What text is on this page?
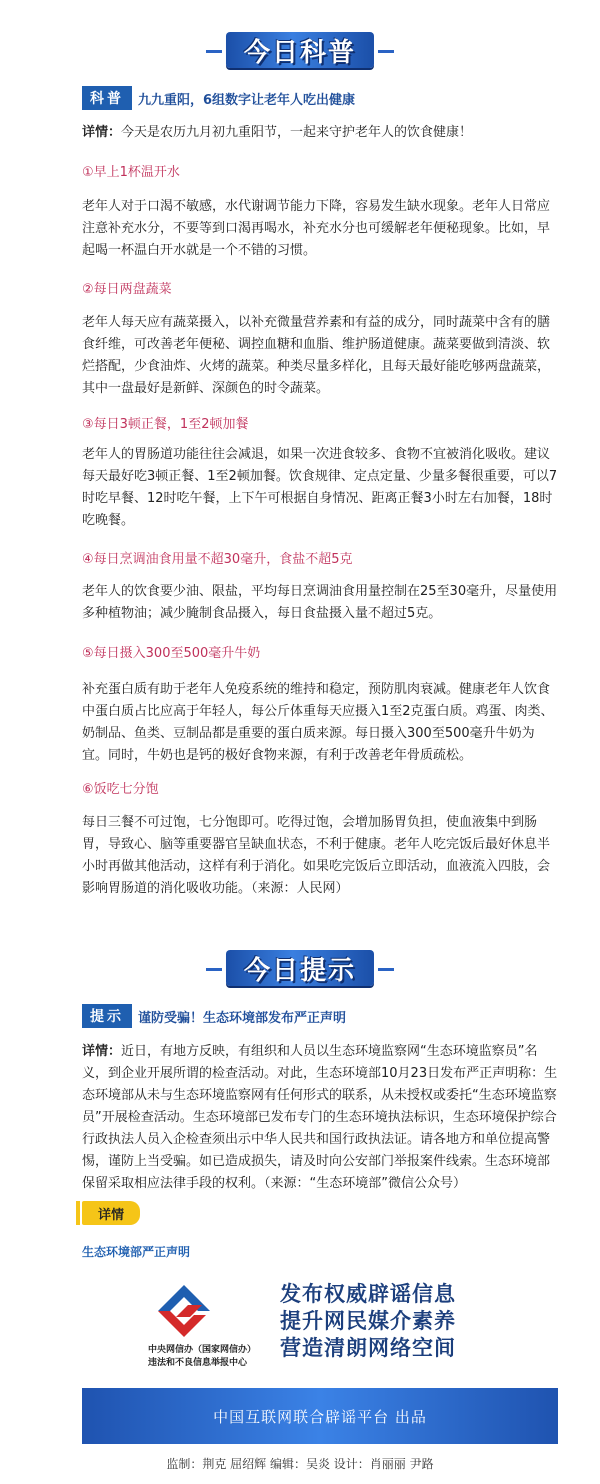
今日科普
科普	九九重阳，6组数字让老年人吃出健康
详情：今天是农历九月初九重阳节，一起来守护老年人的饮食健康！
①早上1杯温开水
老年人对于口渴不敏感，水代谢调节能力下降，容易发生缺水现象。老年人日常应
注意补充水分，不要等到口渴再喝水，补充水分也可缓解老年便秘现象。比如，早
起喝一杯温白开水就是一个不错的习惯。
②每日两盘蔬菜
老年人每天应有蔬菜摄入，以补充微量营养素和有益的成分，同时蔬菜中含有的膳
食纤维，可改善老年便秘、调控血糖和血脂、维护肠道健康。蔬菜要做到清淡、软
烂搭配，少食油炸、火烤的蔬菜。种类尽量多样化，且每天最好能吃够两盘蔬菜，
其中一盘最好是新鲜、深颜色的时令蔬菜。
③每日3顿正餐，1至2顿加餐
老年人的胃肠道功能往往会减退，如果一次进食较多、食物不宜被消化吸收。建议
每天最好吃3顿正餐、1至2顿加餐。饮食规律、定点定量、少量多餐很重要，可以7
时吃早餐、12时吃午餐，上下午可根据自身情况、距离正餐3小时左右加餐，18时
吃晚餐。
④每日烹调油食用量不超30毫升，食盐不超5克
老年人的饮食要少油、限盐，平均每日烹调油食用量控制在25至30毫升，尽量使用
多种植物油；减少腌制食品摄入，每日食盐摄入量不超过5克。
⑤每日摄入300至500毫升牛奶
补充蛋白质有助于老年人免疫系统的维持和稳定，预防肌肉衰减。健康老年人饮食
中蛋白质占比应高于年轻人，每公斤体重每天应摄入1至2克蛋白质。鸡蛋、肉类、
奶制品、鱼类、豆制品都是重要的蛋白质来源。每日摄入300至500毫升牛奶为
宜。同时，牛奶也是钙的极好食物来源，有利于改善老年骨质疏松。
⑥饭吃七分饱
每日三餐不可过饱，七分饱即可。吃得过饱，会增加肠胃负担，使血液集中到肠
胃，导致心、脑等重要器官呈缺血状态，不利于健康。老年人吃完饭后最好休息半
小时再做其他活动，这样有利于消化。如果吃完饭后立即活动，血液流入四肢，会
影响胃肠道的消化吸收功能。（来源：人民网）
今日提示
提示	谨防受骗！生态环境部发布严正声明
详情：近日，有地方反映，有组织和人员以生态环境监察网“生态环境监察员”名
义，到企业开展所谓的检查活动。对此，生态环境部10月23日发布严正声明称：生
态环境部从未与生态环境监察网有任何形式的联系，从未授权或委托“生态环境监察
员”开展检查活动。生态环境部已发布专门的生态环境执法标识，生态环境保护综合
行政执法人员入企检查须出示中华人民共和国行政执法证。请各地方和单位提高警
惕，谨防上当受骗。如已造成损失，请及时向公安部门举报案件线索。生态环境部
保留采取相应法律手段的权利。（来源：“生态环境部”微信公众号）
详情
生态环境部严正声明
中央网信办（国家网信办）
违法和不良信息举报中心
发布权威辟谣信息
提升网民媒介素养
营造清朗网络空间
中国互联网联合辟谣平台 出品
监制：荆克 屈绍辉 编辑：吴炎 设计：肖丽丽 尹路
